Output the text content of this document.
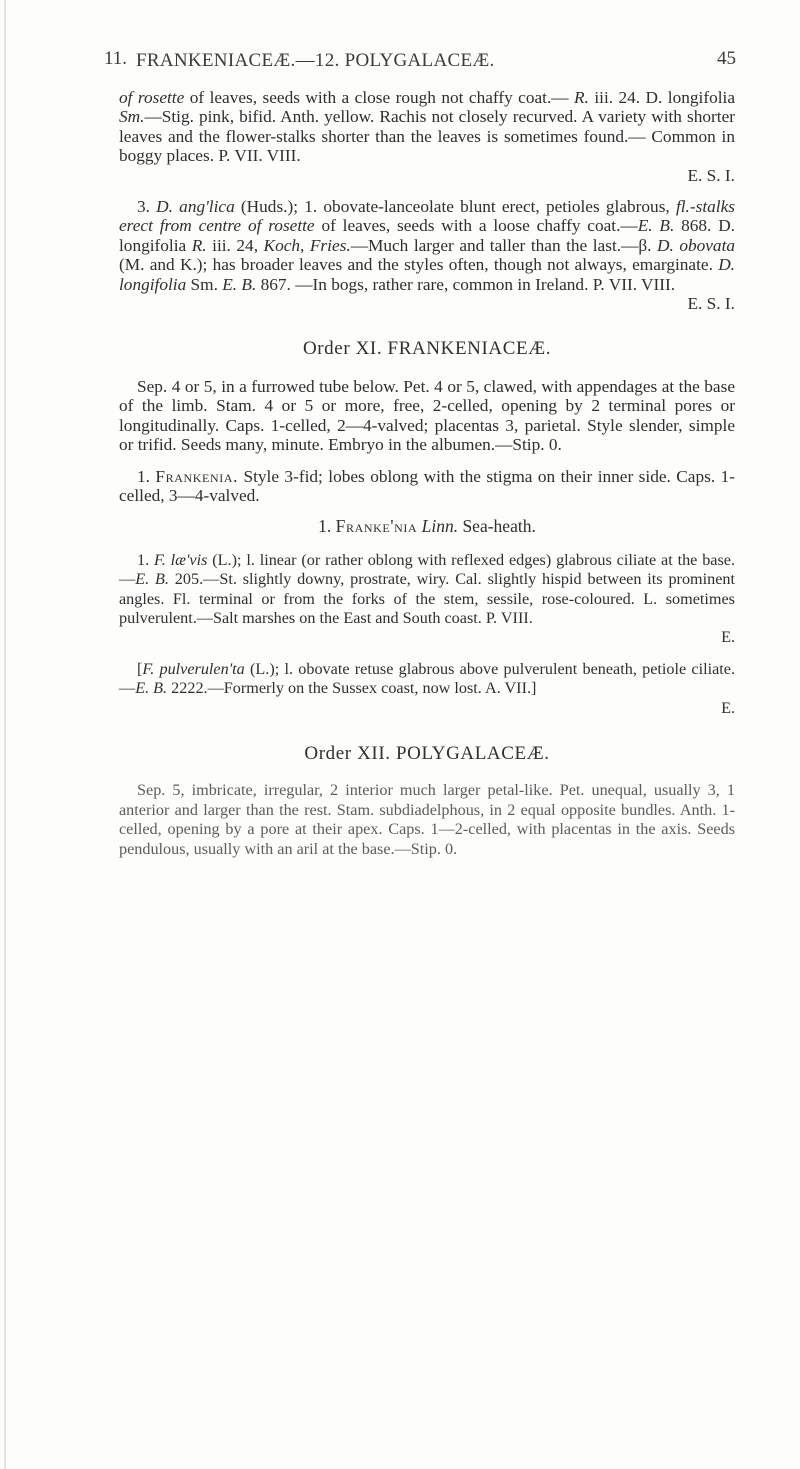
11. FRANKENIACEÆ.—12. POLYGALACEÆ.	45

of rosette of leaves, seeds with a close rough not chaffy coat.— R. iii. 24. D. longifolia Sm.—Stig. pink, bifid. Anth. yellow. Rachis not closely recurved. A variety with shorter leaves and the flower-stalks shorter than the leaves is sometimes found.— Common in boggy places. P. VII. VIII.
E. S. I.

3. D. ang'lica (Huds.); 1. obovate-lanceolate blunt erect, petioles glabrous, fl.-stalks erect from centre of rosette of leaves, seeds with a loose chaffy coat.—E. B. 868. D. longifolia R. iii. 24, Koch, Fries.—Much larger and taller than the last.—β. D. obovata (M. and K.); has broader leaves and the styles often, though not always, emarginate. D. longifolia Sm. E. B. 867. —In bogs, rather rare, common in Ireland. P. VII. VIII.
E. S. I.

Order XI. FRANKENIACEÆ.

Sep. 4 or 5, in a furrowed tube below. Pet. 4 or 5, clawed, with appendages at the base of the limb. Stam. 4 or 5 or more, free, 2-celled, opening by 2 terminal pores or longitudinally. Caps. 1-celled, 2—4-valved; placentas 3, parietal. Style slender, simple or trifid. Seeds many, minute. Embryo in the albumen.—Stip. 0.

1. Frankenia. Style 3-fid; lobes oblong with the stigma on their inner side. Caps. 1-celled, 3—4-valved.

1. Franke'nia Linn. Sea-heath.

1. F. læ'vis (L.); l. linear (or rather oblong with reflexed edges) glabrous ciliate at the base.—E. B. 205.—St. slightly downy, prostrate, wiry. Cal. slightly hispid between its prominent angles. Fl. terminal or from the forks of the stem, sessile, rose-coloured. L. sometimes pulverulent.—Salt marshes on the East and South coast. P. VIII.
E.

[F. pulverulen'ta (L.); l. obovate retuse glabrous above pulverulent beneath, petiole ciliate.—E. B. 2222.—Formerly on the Sussex coast, now lost. A. VII.]
E.

Order XII. POLYGALACEÆ.

Sep. 5, imbricate, irregular, 2 interior much larger petal-like. Pet. unequal, usually 3, 1 anterior and larger than the rest. Stam. subdiadelphous, in 2 equal opposite bundles. Anth. 1-celled, opening by a pore at their apex. Caps. 1—2-celled, with placentas in the axis. Seeds pendulous, usually with an aril at the base.—Stip. 0.
